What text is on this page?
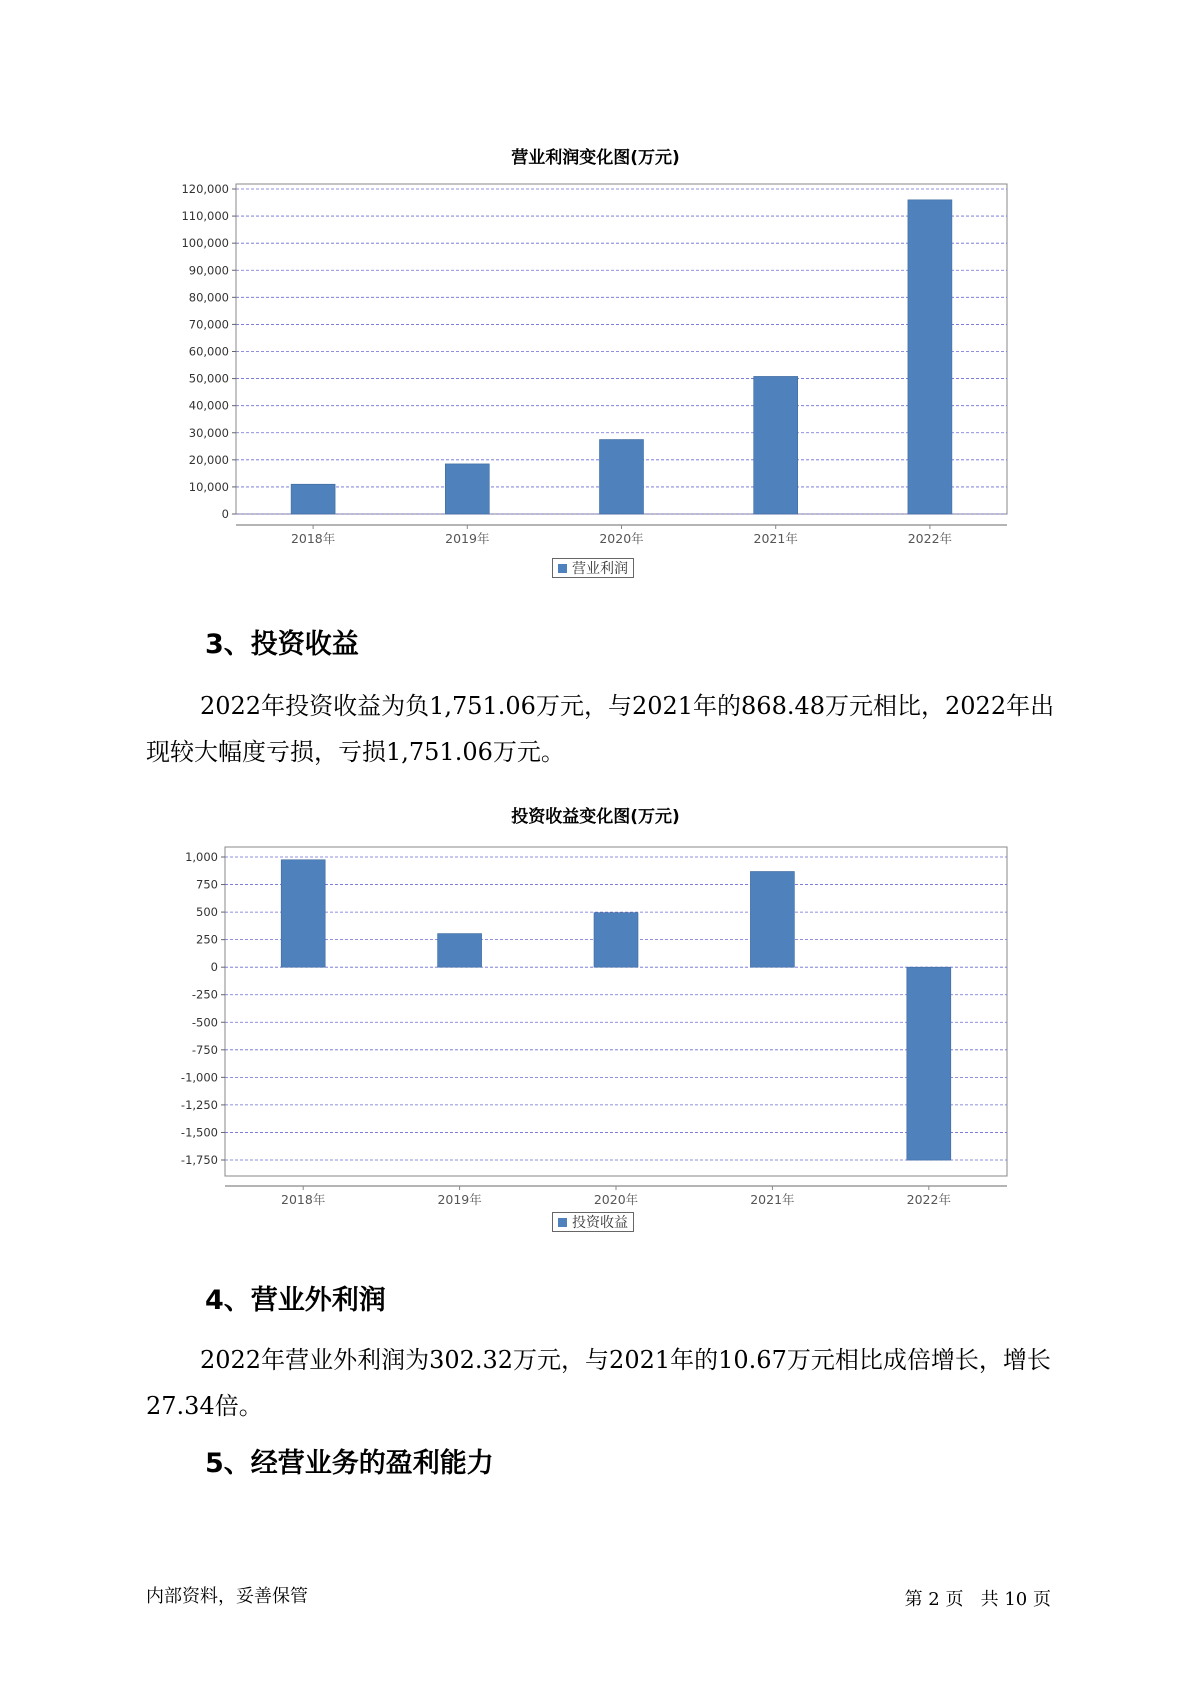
营业利润变化图(万元)
0
10,000
20,000
30,000
40,000
50,000
60,000
70,000
80,000
90,000
100,000
110,000
120,000
2018年	2019年	2020年	2021年	2022年
营业利润
3、投资收益
2022年投资收益为负1,751.06万元，与2021年的868.48万元相比，2022年出现较大幅度亏损，亏损1,751.06万元。
投资收益变化图(万元)
1,000
750
500
250
0
-250
-500
-750
-1,000
-1,250
-1,500
-1,750
2018年	2019年	2020年	2021年	2022年
投资收益
4、营业外利润
2022年营业外利润为302.32万元，与2021年的10.67万元相比成倍增长，增长27.34倍。
5、经营业务的盈利能力
内部资料，妥善保管	第 2 页   共 10 页
